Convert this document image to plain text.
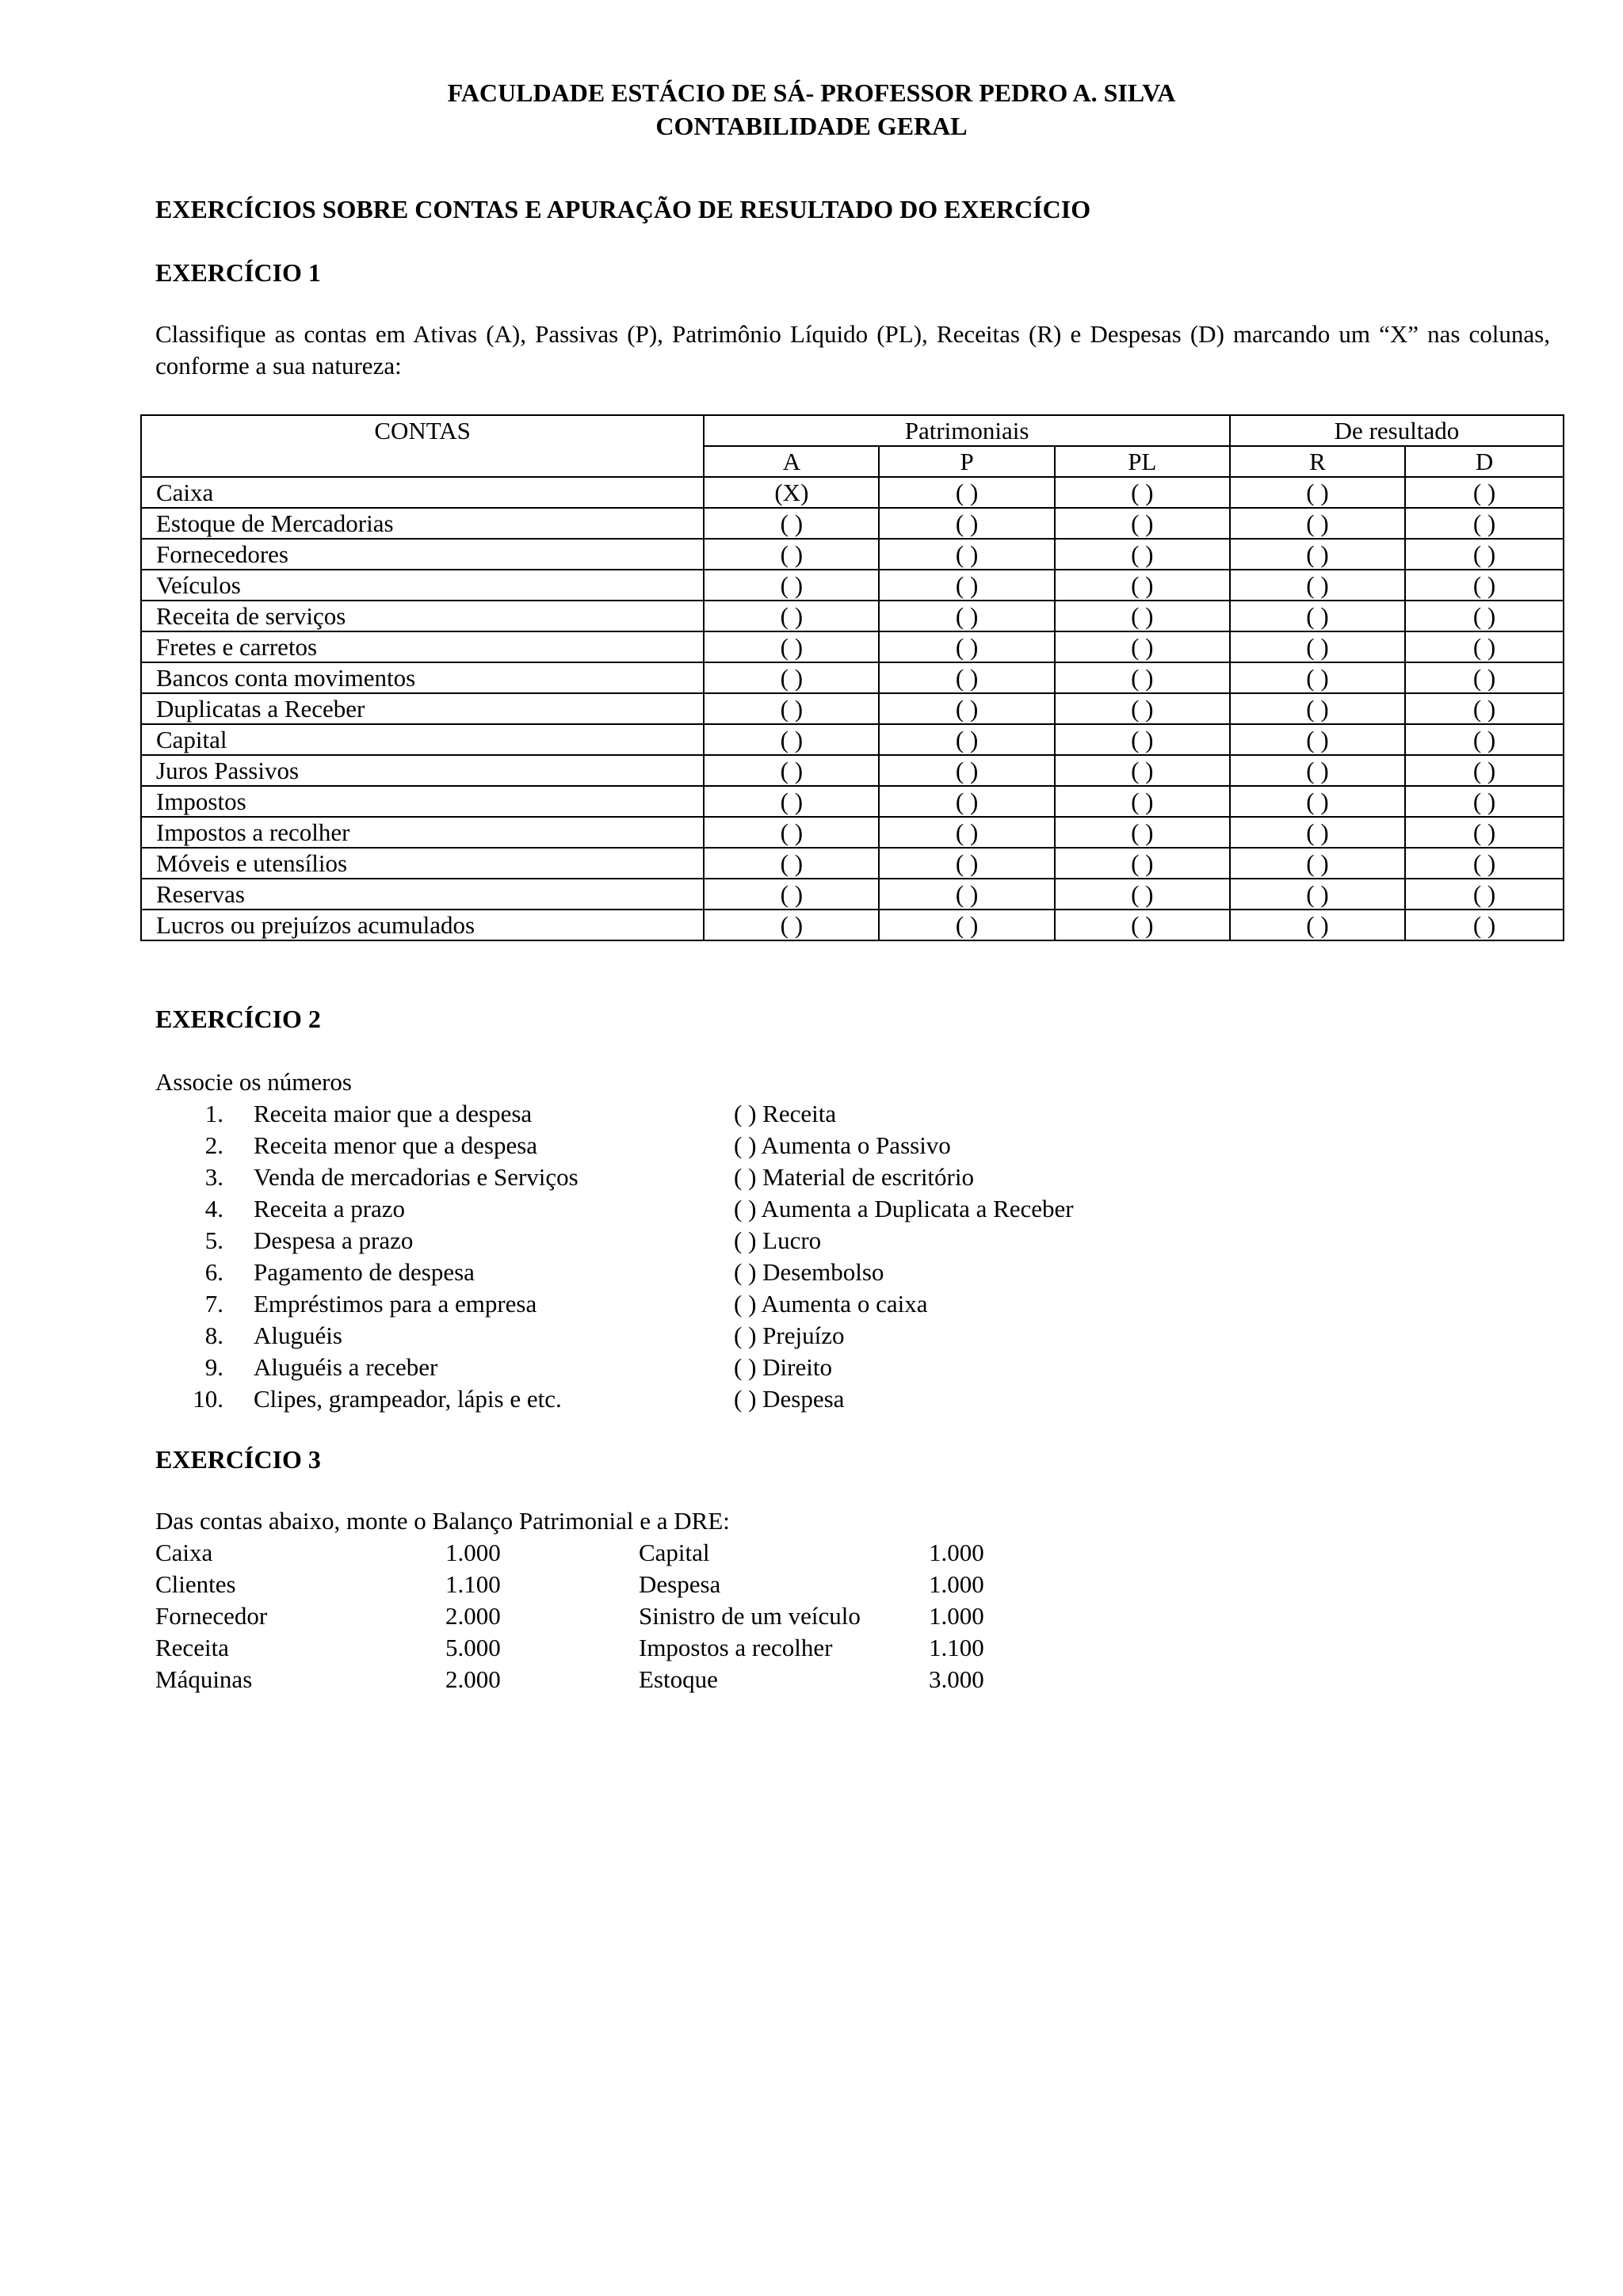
FACULDADE ESTÁCIO DE SÁ- PROFESSOR PEDRO A. SILVA
CONTABILIDADE GERAL
EXERCÍCIOS SOBRE CONTAS E APURAÇÃO DE RESULTADO DO EXERCÍCIO
EXERCÍCIO 1
Classifique as contas em Ativas (A), Passivas (P), Patrimônio Líquido (PL), Receitas (R) e Despesas (D) marcando um “X” nas colunas, conforme a sua natureza:
CONTAS	Patrimoniais			De resultado	
	A	P	PL	R	D
Caixa	(X)	( )	( )	( )	( )
Estoque de Mercadorias	( )	( )	( )	( )	( )
Fornecedores	( )	( )	( )	( )	( )
Veículos	( )	( )	( )	( )	( )
Receita de serviços	( )	( )	( )	( )	( )
Fretes e carretos	( )	( )	( )	( )	( )
Bancos conta movimentos	( )	( )	( )	( )	( )
Duplicatas a Receber	( )	( )	( )	( )	( )
Capital	( )	( )	( )	( )	( )
Juros Passivos	( )	( )	( )	( )	( )
Impostos	( )	( )	( )	( )	( )
Impostos a recolher	( )	( )	( )	( )	( )
Móveis e utensílios	( )	( )	( )	( )	( )
Reservas	( )	( )	( )	( )	( )
Lucros ou prejuízos acumulados	( )	( )	( )	( )	( )
EXERCÍCIO 2
Associe os números
1. Receita maior que a despesa	( ) Receita
2. Receita menor que a despesa	( ) Aumenta o Passivo
3. Venda de mercadorias e Serviços	( ) Material de escritório
4. Receita a prazo	( ) Aumenta a Duplicata a Receber
5. Despesa a prazo	( ) Lucro
6. Pagamento de despesa	( ) Desembolso
7. Empréstimos para a empresa	( ) Aumenta o caixa
8. Aluguéis	( ) Prejuízo
9. Aluguéis a receber	( ) Direito
10. Clipes, grampeador, lápis e etc.	( ) Despesa
EXERCÍCIO 3
Das contas abaixo, monte o Balanço Patrimonial e a DRE:
Caixa	1.000	Capital	1.000
Clientes	1.100	Despesa	1.000
Fornecedor	2.000	Sinistro de um veículo	1.000
Receita	5.000	Impostos a recolher	1.100
Máquinas	2.000	Estoque	3.000
